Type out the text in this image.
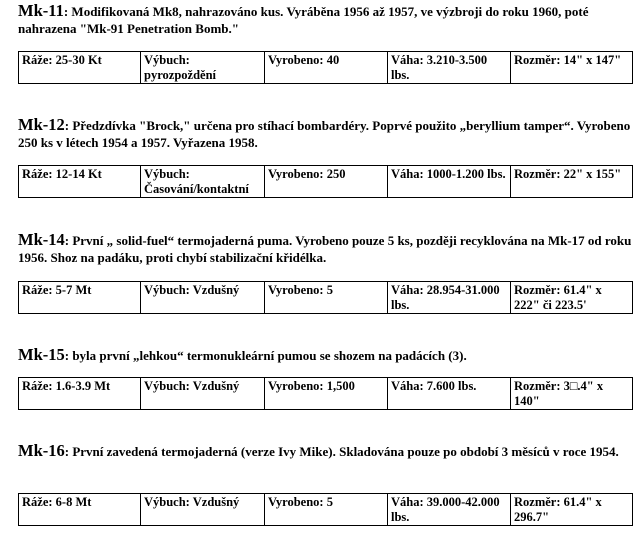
Mk-11: Modifikovaná Mk8, nahrazováno kus. Vyráběna 1956 až 1957, ve výzbroji do roku 1960, poté nahrazena "Mk-91 Penetration Bomb."

Ráže: 25-30 Kt	Výbuch: pyrozpoždění	Vyrobeno: 40	Váha: 3.210-3.500 lbs.	Rozměr: 14" x 147"

Mk-12: Předzdívka "Brock," určena pro stíhací bombardéry. Poprvé použito „beryllium tamper“. Vyrobeno 250 ks v létech 1954 a 1957. Vyřazena 1958.

Ráže: 12-14 Kt	Výbuch: Časování/kontaktní	Vyrobeno: 250	Váha: 1000-1.200 lbs.	Rozměr: 22" x 155"

Mk-14: První „ solid-fuel“ termojaderná puma. Vyrobeno pouze 5 ks, později recyklována na Mk-17 od roku 1956. Shoz na padáku, proti chybí stabilizační křidélka.

Ráže: 5-7 Mt	Výbuch: Vzdušný	Vyrobeno: 5	Váha: 28.954-31.000 lbs.	Rozměr: 61.4" x 222" či 223.5'

Mk-15: byla první „lehkou“ termonukleární pumou se shozem na padácích (3).

Ráže: 1.6-3.9 Mt	Výbuch: Vzdušný	Vyrobeno: 1,500	Váha: 7.600 lbs.	Rozměr: 3□.4" x 140"

Mk-16: První zavedená termojaderná (verze Ivy Mike). Skladována pouze po období 3 měsíců v roce 1954.

Ráže: 6-8 Mt	Výbuch: Vzdušný	Vyrobeno: 5	Váha: 39.000-42.000 lbs.	Rozměr: 61.4" x 296.7"
